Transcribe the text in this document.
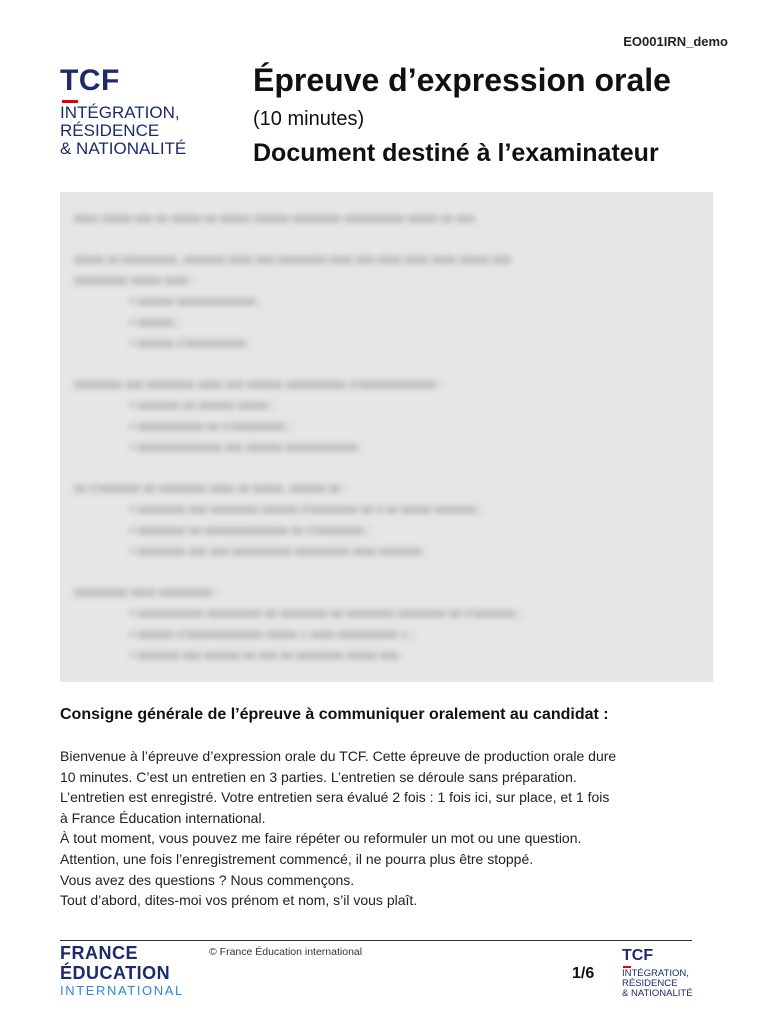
EO001IRN_demo
TCF
INTÉGRATION,
RÉSIDENCE
& NATIONALITÉ
Épreuve d’expression orale
(10 minutes)
Document destiné à l’examinateur

xxxx xxxxx xxx xx xxxxx xx xxxxx xxxxxx xxxxxxxx xxxxxxxxxx xxxxx xx xxx.

xxxxx xx xxxxxxxxx, xxxxxxx xxxx xxx xxxxxxxx xxxx xxx xxxx xxxx xxxx xxxxx xxx
xxxxxxxxx xxxxx xxxx :
• xxxxxx xxxxxxxxxxxxx ;
• xxxxxx ;
• xxxxxx x’xxxxxxxxxx.
xxxxxxxx xxx xxxxxxxx xxxx xxx xxxxxx xxxxxxxxxx x’xxxxxxxxxxxxx :
• xxxxxxx xx xxxxxx xxxxx ;
• xxxxxxxxxxx xx x’xxxxxxxxx ;
• xxxxxxxxxxxxxx xxx xxxxxx xxxxxxxxxxxx.
xx x’xxxxxxx xx xxxxxxxx xxxx xx xxxxx, xxxxxx xx :
• xxxxxxxx xxx xxxxxxxx xxxxxx x’xxxxxxxx xx x xx xxxxx xxxxxxx ;
• xxxxxxxx xx xxxxxxxxxxxxxx xx x’xxxxxxxx ;
• xxxxxxxx xxx xxx xxxxxxxxxx xxxxxxxxx xxxx xxxxxxx.
xxxxxxxxx xxxx xxxxxxxxx :
• xxxxxxxxxxx xxxxxxxxx xx xxxxxxxx xx xxxxxxxx xxxxxxxx xx x’xxxxxxx ;
• xxxxxx x’xxxxxxxxxxxxx xxxxx « xxxx xxxxxxxxxx » ;
• xxxxxxx xxx xxxxxx xx xxx xx xxxxxxxx xxxxx xxx.
Consigne générale de l’épreuve à communiquer oralement au candidat :
Bienvenue à l’épreuve d’expression orale du TCF. Cette épreuve de production orale dure
10 minutes. C’est un entretien en 3 parties. L’entretien se déroule sans préparation.
L’entretien est enregistré. Votre entretien sera évalué 2 fois : 1 fois ici, sur place, et 1 fois
à France Éducation international.
À tout moment, vous pouvez me faire répéter ou reformuler un mot ou une question.
Attention, une fois l’enregistrement commencé, il ne pourra plus être stoppé.
Vous avez des questions ? Nous commençons.
Tout d’abord, dites-moi vos prénom et nom, s’il vous plaît.
FRANCE
ÉDUCATION
INTERNATIONAL
© France Éducation international
1/6
TCF
INTÉGRATION,
RÉSIDENCE
& NATIONALITÉ
